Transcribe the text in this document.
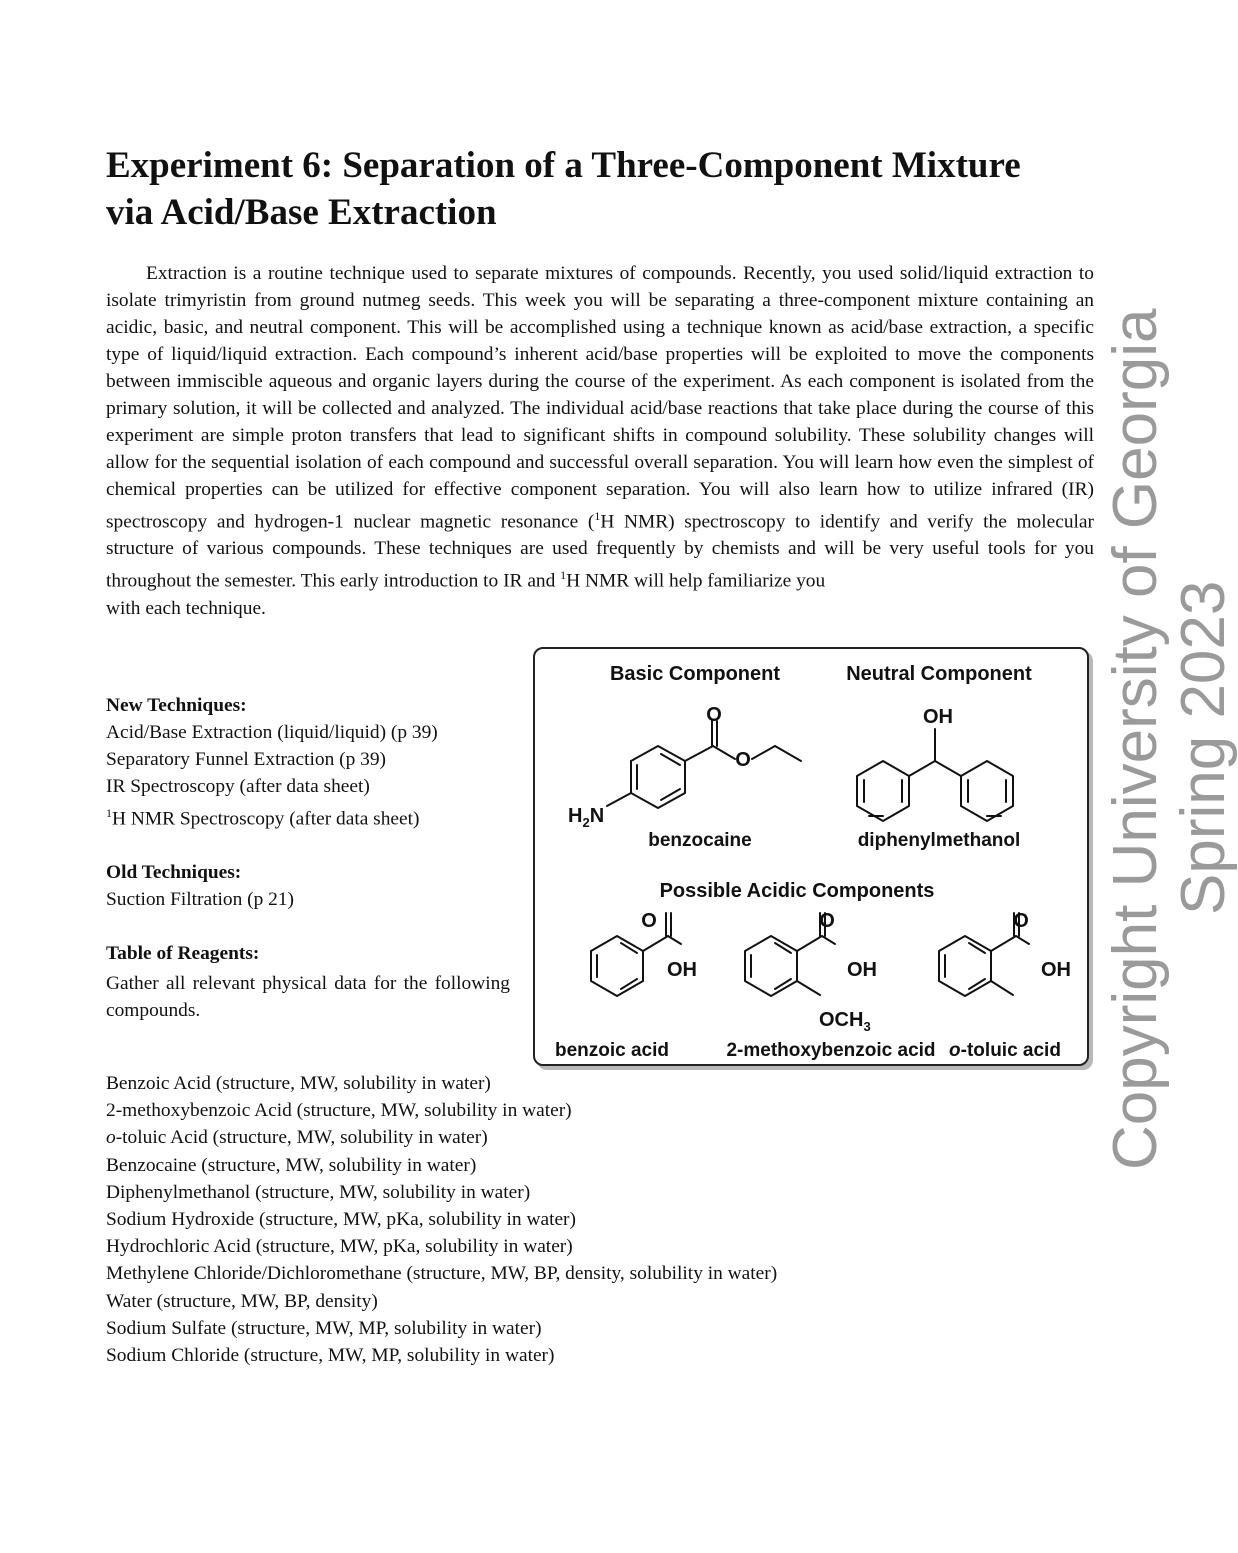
Experiment 6: Separation of a Three-Component Mixture
via Acid/Base Extraction
Extraction is a routine technique used to separate mixtures of compounds. Recently, you used solid/liquid extraction to isolate trimyristin from ground nutmeg seeds. This week you will be separating a three-component mixture containing an acidic, basic, and neutral component. This will be accomplished using a technique known as acid/base extraction, a specific type of liquid/liquid extraction. Each compound’s inherent acid/base properties will be exploited to move the components between immiscible aqueous and organic layers during the course of the experiment. As each component is isolated from the primary solution, it will be collected and analyzed. The individual acid/base reactions that take place during the course of this experiment are simple proton transfers that lead to significant shifts in compound solubility. These solubility changes will allow for the sequential isolation of each compound and successful overall separation. You will learn how even the simplest of chemical properties can be utilized for effective component separation. You will also learn how to utilize infrared (IR) spectroscopy and hydrogen-1 nuclear magnetic resonance ($^1$H NMR) spectroscopy to identify and verify the molecular structure of various compounds. These techniques are used frequently by chemists and will be very useful tools for you throughout the semester. This early introduction to IR and $^1$H NMR will help familiarize you
with each technique.
New Techniques:
Acid/Base Extraction (liquid/liquid) (p 39)
Separatory Funnel Extraction (p 39)
IR Spectroscopy (after data sheet)
$^1$H NMR Spectroscopy (after data sheet)
Old Techniques:
Suction Filtration (p 21)
Table of Reagents:
Gather all relevant physical data for the following compounds.
Benzoic Acid (structure, MW, solubility in water)
2-methoxybenzoic Acid (structure, MW, solubility in water)
o-toluic Acid (structure, MW, solubility in water)
Benzocaine (structure, MW, solubility in water)
Diphenylmethanol (structure, MW, solubility in water)
Sodium Hydroxide (structure, MW, pKa, solubility in water)
Hydrochloric Acid (structure, MW, pKa, solubility in water)
Methylene Chloride/Dichloromethane (structure, MW, BP, density, solubility in water)
Water (structure, MW, BP, density)
Sodium Sulfate (structure, MW, MP, solubility in water)
Sodium Chloride (structure, MW, MP, solubility in water)
Basic Component	Neutral Component
Possible Acidic Components
O
O
$H_2N$
benzocaine
OH
diphenylmethanol
O
OH
benzoic acid
O
OH
$OCH_3$
2-methoxybenzoic acid
O
OH
o-toluic acid Copyright University of Georgia Spring 2023
